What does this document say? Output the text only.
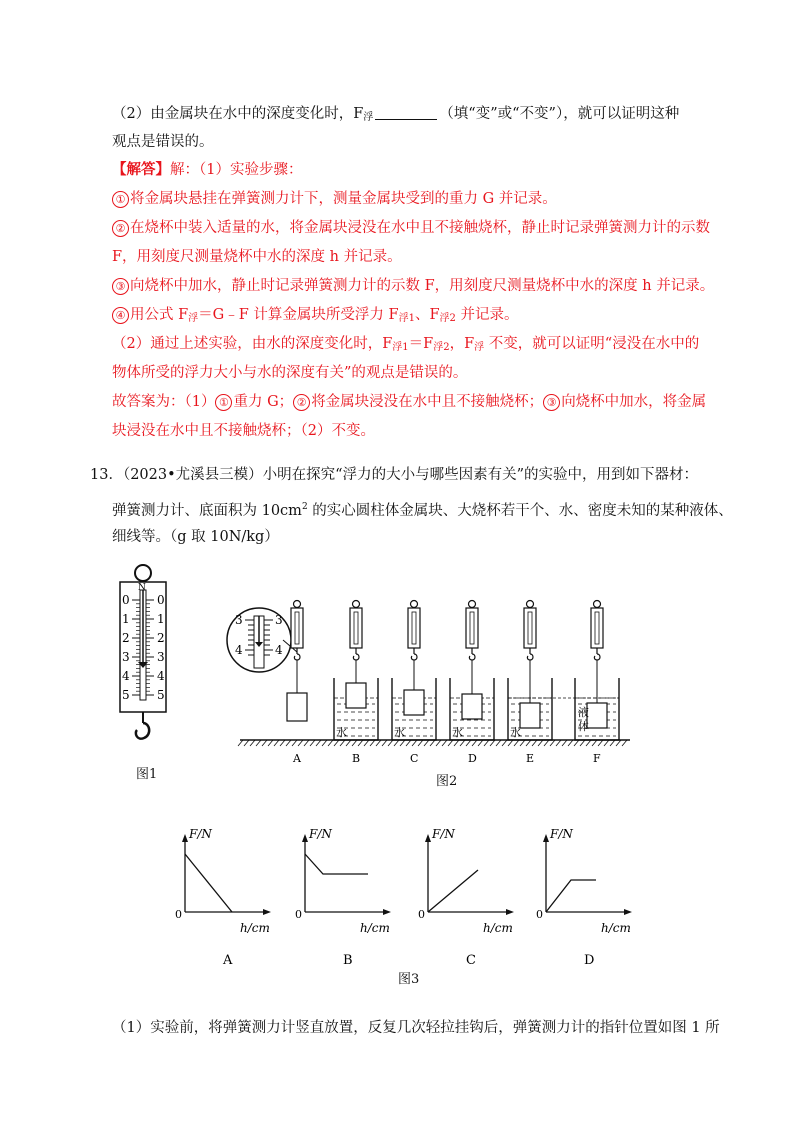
（2）由金属块在水中的深度变化时，$F_浮$	（填“变”或“不变”），就可以证明这种
观点是错误的。
【解答】解：（1）实验步骤：
① 将金属块悬挂在弹簧测力计下，测量金属块受到的重力 G 并记录。
② 在烧杯中装入适量的水，将金属块浸没在水中且不接触烧杯，静止时记录弹簧测力计的示数
F，用刻度尺测量烧杯中水的深度 h 并记录。
③ 向烧杯中加水，静止时记录弹簧测力计的示数 F，用刻度尺测量烧杯中水的深度 h 并记录。
④ 用公式 $F_浮=G﹣F$ 计算金属块所受浮力 $F_{浮1}$、$F_{浮2}$ 并记录。
（2）通过上述实验，由水的深度变化时，$F_{浮1}=F_{浮2}$，$F_浮$ 不变，就可以证明“浸没在水中的
物体所受的浮力大小与水的深度有关”的观点是错误的。
故答案为：（1） ① 重力 G； ② 将金属块浸没在水中且不接触烧杯； ③ 向烧杯中加水，将金属
块浸没在水中且不接触烧杯；（2）不变。
13．（2023•尤溪县三模）小明在探究“浮力的大小与哪些因素有关”的实验中，用到如下器材：
弹簧测力计、底面积为 $10cm^2$ 的实心圆柱体金属块、大烧杯若干个、水、密度未知的某种液体、
细线等。（g 取 10N/kg）
N
0 0
1 1
2 2
3 3
4 4
5 5
图1
3	3
4	4
A
水
B
水
C
水
D
水
E
液
体
F
图2
F/N
0
h/cm
A
F/N
0
h/cm
B
F/N
0
h/cm
C
F/N
0
h/cm
D
图3
（1）实验前，将弹簧测力计竖直放置，反复几次轻拉挂钩后，弹簧测力计的指针位置如图 1 所
